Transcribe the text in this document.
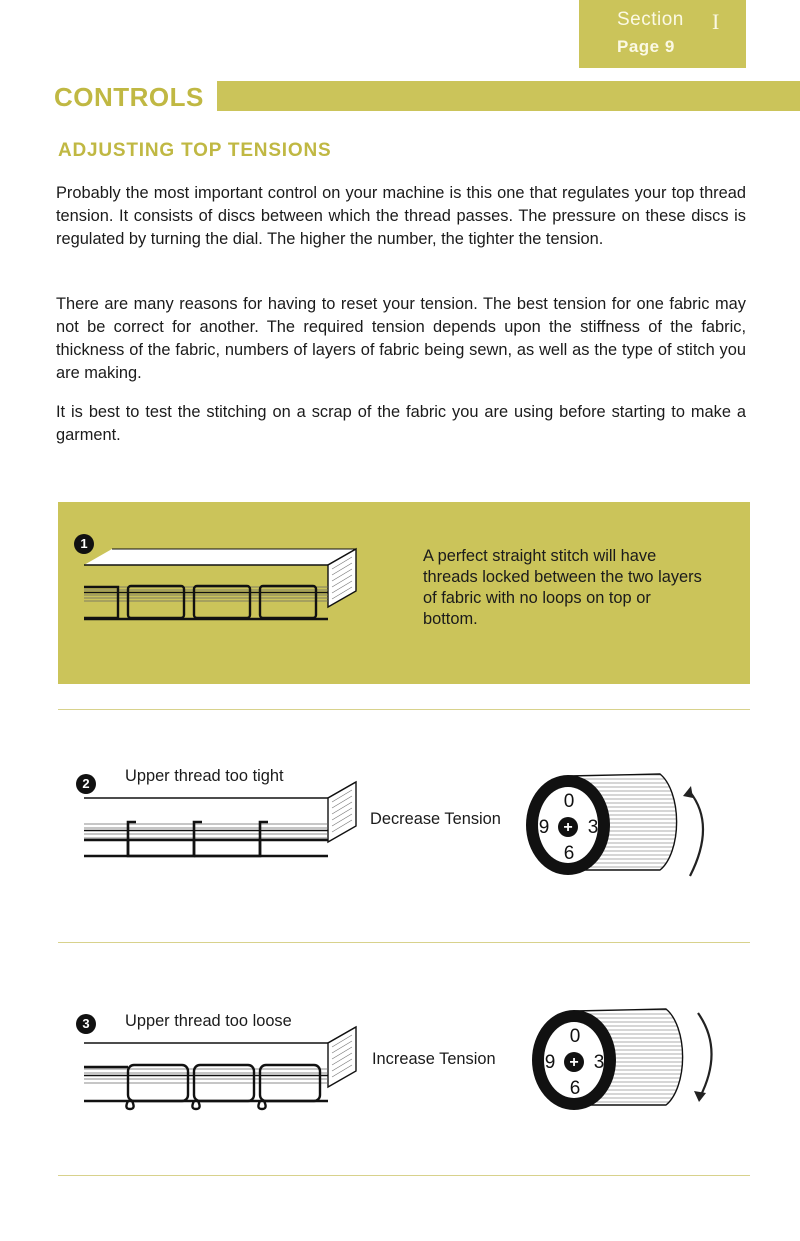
Section I
Page 9
CONTROLS
ADJUSTING TOP TENSIONS

Probably the most important control on your machine is this one that regulates your top thread tension. It consists of discs between which the thread passes. The pressure on these discs is regulated by turning the dial. The higher the number, the tighter the tension.

There are many reasons for having to reset your tension. The best tension for one fabric may not be correct for another. The required tension depends upon the stiffness of the fabric, thickness of the fabric, numbers of layers of fabric being sewn, as well as the type of stitch you are making.

It is best to test the stitching on a scrap of the fabric you are using before starting to make a garment.

1

A perfect straight stitch will have threads locked between the two layers of fabric with no loops on top or bottom.

2	Upper thread too tight
Decrease Tension	+
0
3
6
9
3	Upper thread too loose
Increase Tension	+
0
3
6
9
